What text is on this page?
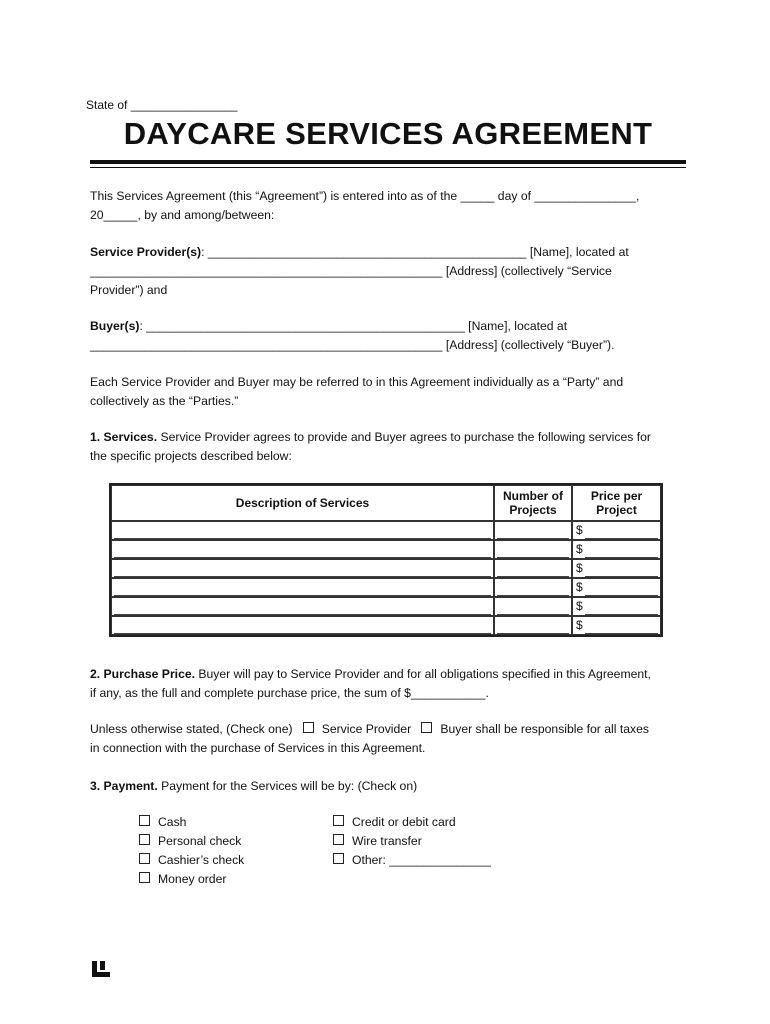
State of ________________
DAYCARE SERVICES AGREEMENT

This Services Agreement (this “Agreement”) is entered into as of the _____ day of _______________,
20_____, by and among/between:

Service Provider(s): _______________________________________________ [Name], located at
____________________________________________________ [Address] (collectively “Service
Provider”) and

Buyer(s): _______________________________________________ [Name], located at
____________________________________________________ [Address] (collectively “Buyer”).

Each Service Provider and Buyer may be referred to in this Agreement individually as a “Party” and
collectively as the “Parties.”

1. Services. Service Provider agrees to provide and Buyer agrees to purchase the following services for
the specific projects described below:

Description of Services	Number of Projects	Price per Project

		$

		$

		$

		$

		$

		$

2. Purchase Price. Buyer will pay to Service Provider and for all obligations specified in this Agreement,
if any, as the full and complete purchase price, the sum of $___________.

Unless otherwise stated, (Check one) Service Provider Buyer shall be responsible for all taxes
in connection with the purchase of Services in this Agreement.

3. Payment. Payment for the Services will be by: (Check on)

Cash
Personal check
Cashier’s check
Money order
Credit or debit card
Wire transfer
Other: _______________
